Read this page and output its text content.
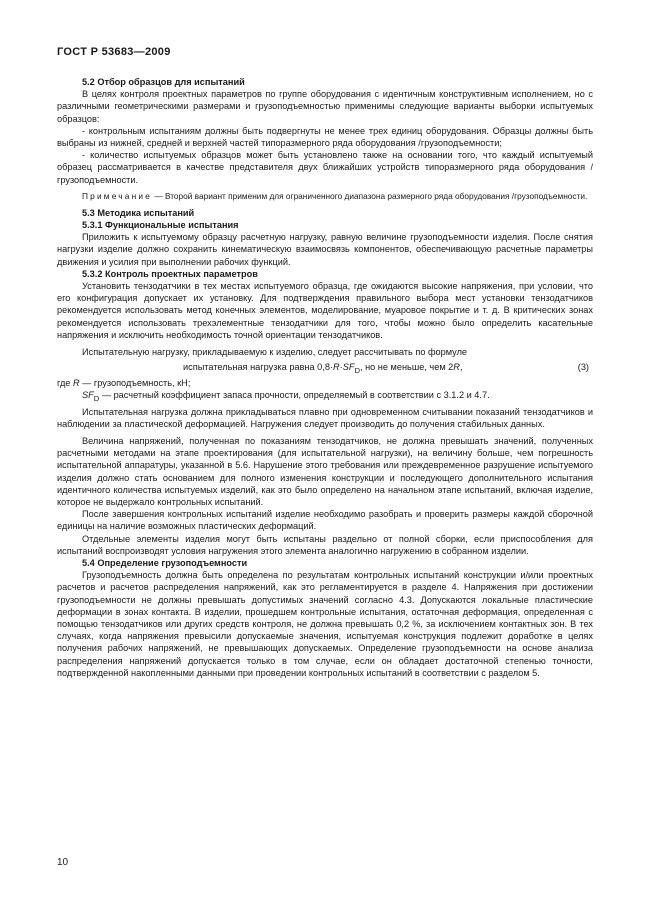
ГОСТ Р 53683—2009

5.2 Отбор образцов для испытаний

В целях контроля проектных параметров по группе оборудования с идентичным конструктивным исполнением, но с различными геометрическими размерами и грузоподъемностью применимы следующие варианты выборки испытуемых образцов:

- контрольным испытаниям должны быть подвергнуты не менее трех единиц оборудования. Образцы должны быть выбраны из нижней, средней и верхней частей типоразмерного ряда оборудования /грузоподъемности;

- количество испытуемых образцов может быть установлено также на основании того, что каждый испытуемый образец рассматривается в качестве представителя двух ближайших устройств типоразмерного ряда оборудования /грузоподъемности.

Примечание — Второй вариант применим для ограниченного диапазона размерного ряда оборудования /грузоподъемности.

5.3 Методика испытаний

5.3.1 Функциональные испытания

Приложить к испытуемому образцу расчетную нагрузку, равную величине грузоподъемности изделия. После снятия нагрузки изделие должно сохранить кинематическую взаимосвязь компонентов, обеспечивающую расчетные параметры движения и усилия при выполнении рабочих функций.

5.3.2 Контроль проектных параметров

Установить тензодатчики в тех местах испытуемого образца, где ожидаются высокие напряжения, при условии, что его конфигурация допускает их установку. Для подтверждения правильного выбора мест установки тензодатчиков рекомендуется использовать метод конечных элементов, моделирование, муаровое покрытие и т. д. В критических зонах рекомендуется использовать трехэлементные тензодатчики для того, чтобы можно было определить касательные напряжения и исключить необходимость точной ориентации тензодатчиков.

Испытательную нагрузку, прикладываемую к изделию, следует рассчитывать по формуле

испытательная нагрузка равна $0,8\cdot R\cdot SF_D$, но не меньше, чем 2R,	(3)

где R — грузоподъемность, кН;

$SF_D$ — расчетный коэффициент запаса прочности, определяемый в соответствии с 3.1.2 и 4.7.

Испытательная нагрузка должна прикладываться плавно при одновременном считывании показаний тензодатчиков и наблюдении за пластической деформацией. Нагружения следует производить до получения стабильных данных.

Величина напряжений, полученная по показаниям тензодатчиков, не должна превышать значений, полученных расчетными методами на этапе проектирования (для испытательной нагрузки), на величину больше, чем погрешность испытательной аппаратуры, указанной в 5.6. Нарушение этого требования или преждевременное разрушение испытуемого изделия должно стать основанием для полного изменения конструкции и последующего дополнительного испытания идентичного количества испытуемых изделий, как это было определено на начальном этапе испытаний, включая изделие, которое не выдержало контрольных испытаний.

После завершения контрольных испытаний изделие необходимо разобрать и проверить размеры каждой сборочной единицы на наличие возможных пластических деформаций.

Отдельные элементы изделия могут быть испытаны раздельно от полной сборки, если приспособления для испытаний воспроизводят условия нагружения этого элемента аналогично нагружению в собранном изделии.

5.4 Определение грузоподъемности

Грузоподъемность должна быть определена по результатам контрольных испытаний конструкции и/или проектных расчетов и расчетов распределения напряжений, как это регламентируется в разделе 4. Напряжения при достижении грузоподъемности не должны превышать допустимых значений согласно 4.3. Допускаются локальные пластические деформации в зонах контакта. В изделии, прошедшем контрольные испытания, остаточная деформация, определенная с помощью тензодатчиков или других средств контроля, не должна превышать 0,2 %, за исключением контактных зон. В тех случаях, когда напряжения превысили допускаемые значения, испытуемая конструкция подлежит доработке в целях получения рабочих напряжений, не превышающих допускаемых. Определение грузоподъемности на основе анализа распределения напряжений допускается только в том случае, если он обладает достаточной степенью точности, подтвержденной накопленными данными при проведении контрольных испытаний в соответствии с разделом 5.

10
